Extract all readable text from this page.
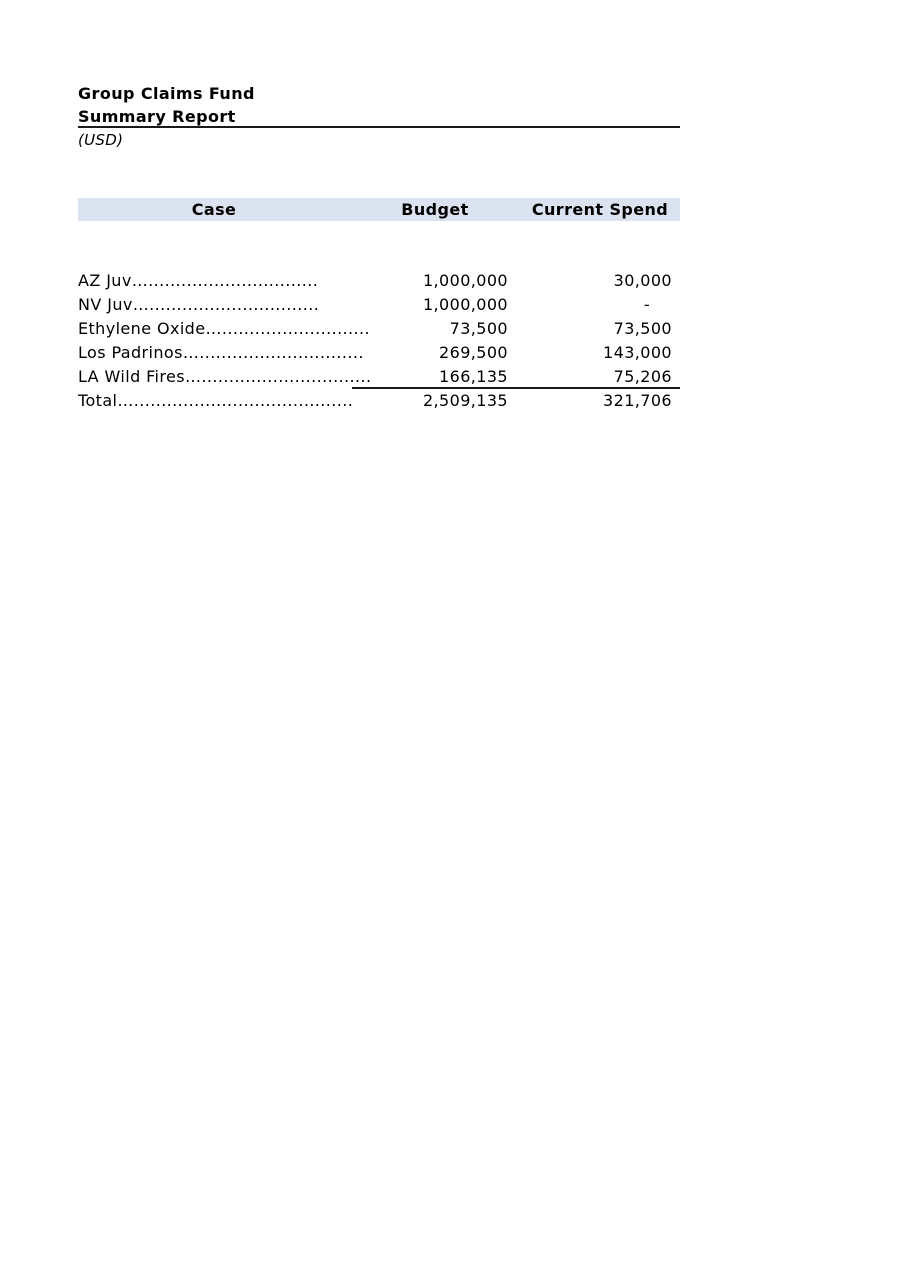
Group Claims Fund
Summary Report
(USD)
Case	Budget	Current Spend
AZ Juv…...............................	1,000,000	30,000
NV Juv…...............................	1,000,000	-
Ethylene Oxide…...........................	73,500	73,500
Los Padrinos…..............................	269,500	143,000
LA Wild Fires…...............................	166,135	75,206
Total…........................................	2,509,135	321,706
